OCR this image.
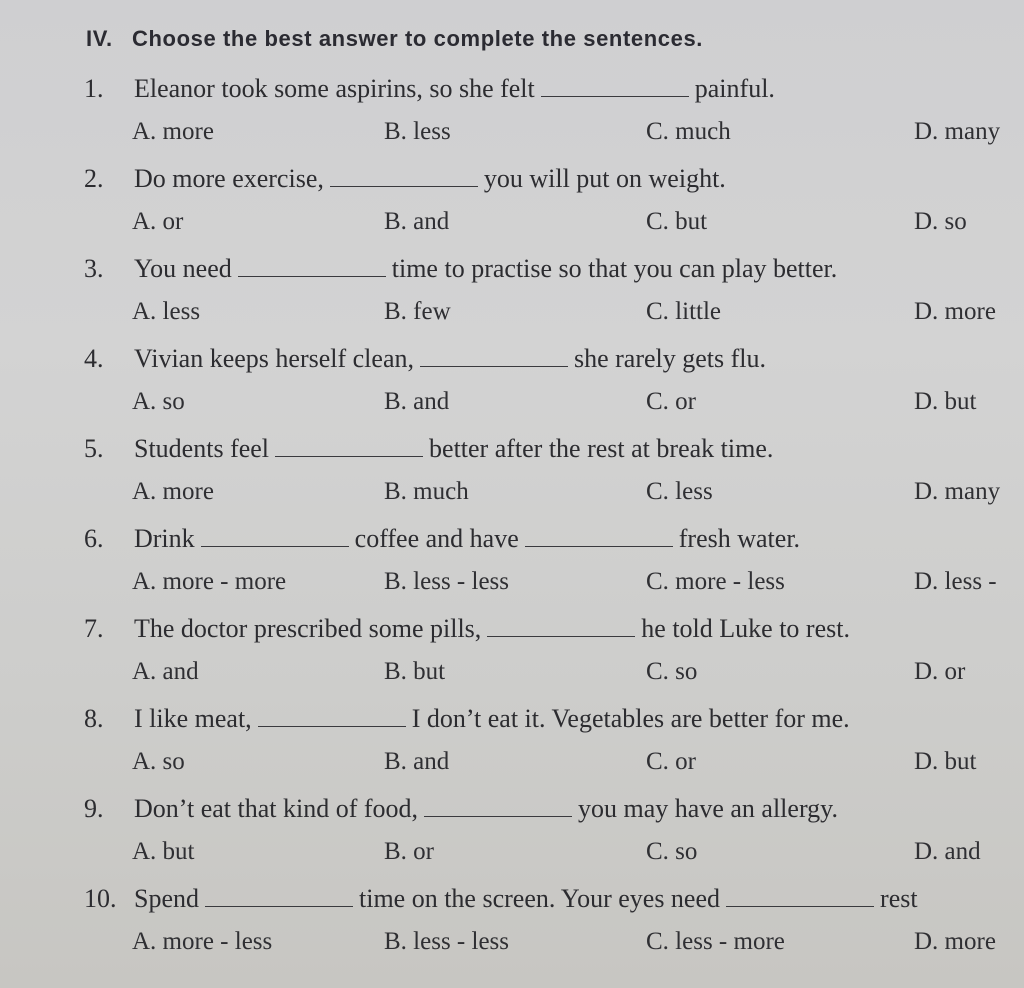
IV. Choose the best answer to complete the sentences.
1. Eleanor took some aspirins, so she felt	painful.
A. more	B. less	C. much	D. many
2. Do more exercise,	you will put on weight.
A. or	B. and	C. but	D. so
3. You need	time to practise so that you can play better.
A. less	B. few	C. little	D. more
4. Vivian keeps herself clean,	she rarely gets flu.
A. so	B. and	C. or	D. but
5. Students feel	better after the rest at break time.
A. more	B. much	C. less	D. many
6. Drink	coffee and have	fresh water.
A. more - more	B. less - less	C. more - less	D. less -
7. The doctor prescribed some pills,	he told Luke to rest.
A. and	B. but	C. so	D. or
8. I like meat,	I don’t eat it. Vegetables are better for me.
A. so	B. and	C. or	D. but
9. Don’t eat that kind of food,	you may have an allergy.
A. but	B. or	C. so	D. and
10. Spend	time on the screen. Your eyes need	rest
A. more - less	B. less - less	C. less - more	D. more
